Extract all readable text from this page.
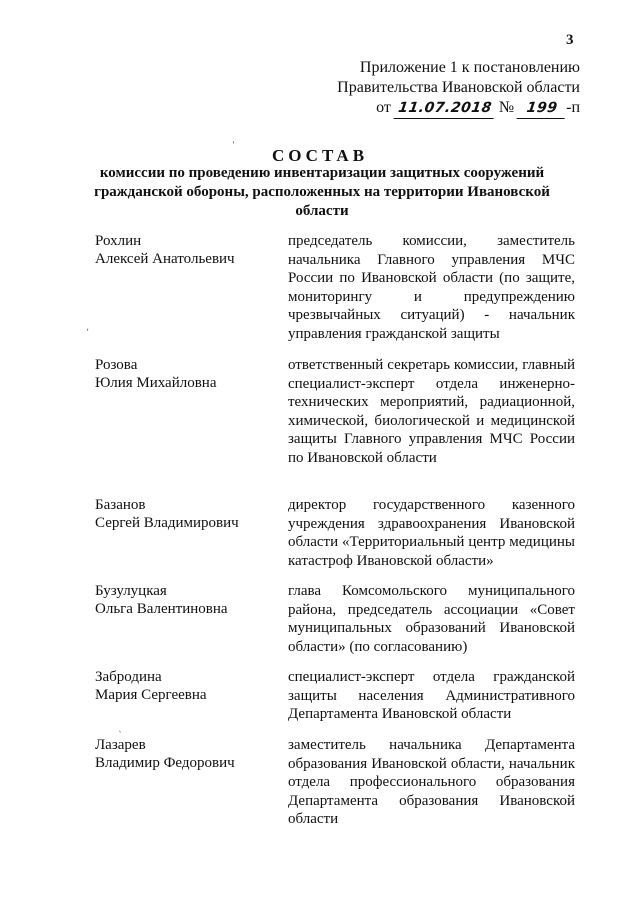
3
Приложение 1 к постановлению
Правительства Ивановской области
от 11.07.2018 № 199 -п
СОСТАВ
комиссии по проведению инвентаризации защитных сооружений гражданской обороны, расположенных на территории Ивановской области
Рохлин
Алексей Анатольевич
председатель комиссии, заместитель начальника Главного управления МЧС России по Ивановской области (по защите, мониторингу и предупреждению чрезвычайных ситуаций) - начальник управления гражданской защиты
Розова
Юлия Михайловна
ответственный секретарь комиссии, главный специалист-эксперт отдела инженерно-технических мероприятий, радиационной, химической, биологической и медицинской защиты Главного управления МЧС России по Ивановской области
Базанов
Сергей Владимирович
директор государственного казенного учреждения здравоохранения Ивановской области «Территориальный центр медицины катастроф Ивановской области»
Бузулуцкая
Ольга Валентиновна
глава Комсомольского муниципального района, председатель ассоциации «Совет муниципальных образований Ивановской области» (по согласованию)
Забродина
Мария Сергеевна
специалист-эксперт отдела гражданской защиты населения Административного Департамента Ивановской области
Лазарев
Владимир Федорович
заместитель начальника Департамента образования Ивановской области, начальник отдела профессионального образования Департамента образования Ивановской области
'
,
ˎ
